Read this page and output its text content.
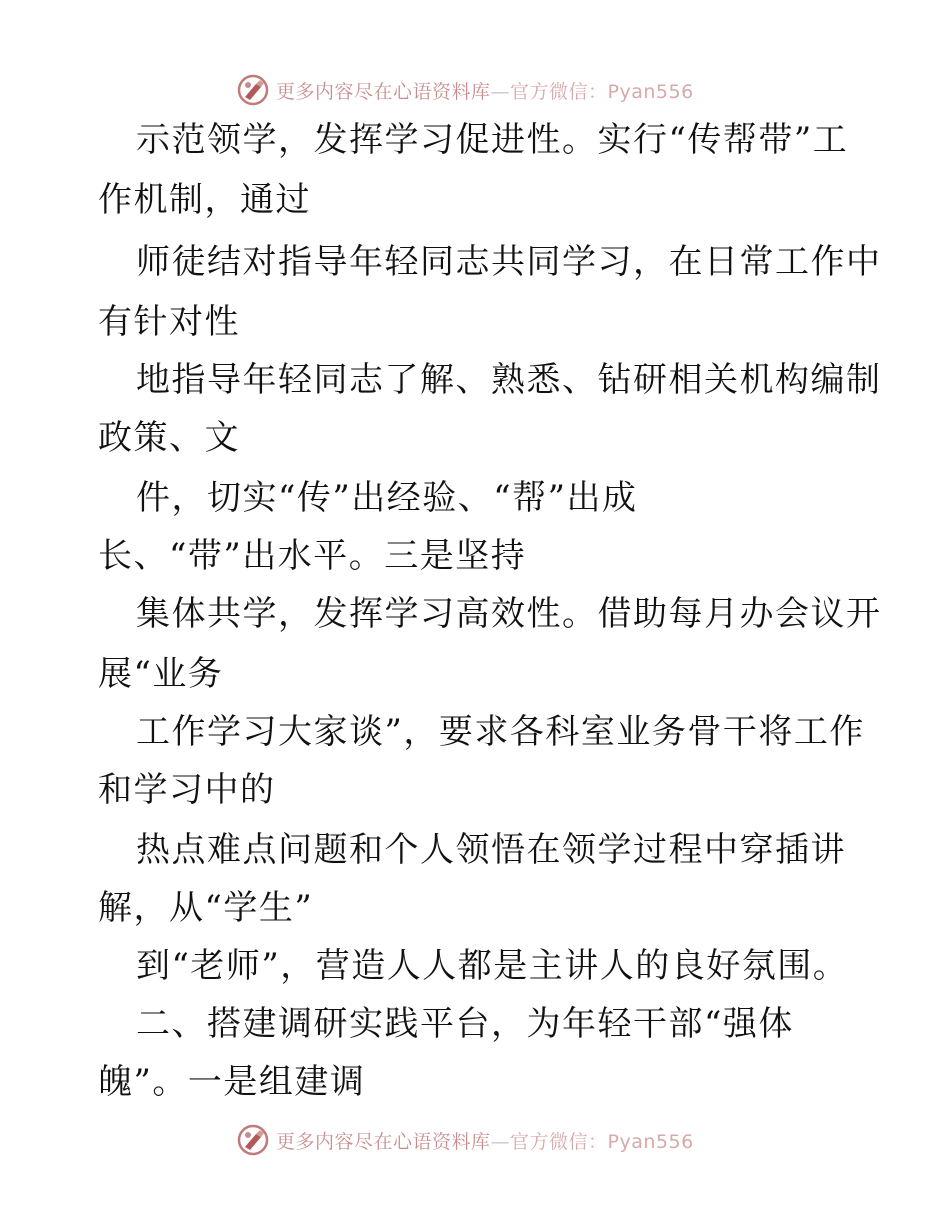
更多内容尽在心语资料库—官方微信：Pyan556
示范领学，发挥学习促进性。实行“传帮带”工
作机制，通过
师徒结对指导年轻同志共同学习，在日常工作中
有针对性
地指导年轻同志了解、熟悉、钻研相关机构编制
政策、文
件，切实“传”出经验、“帮”出成
长、“带”出水平。三是坚持
集体共学，发挥学习高效性。借助每月办会议开
展“业务
工作学习大家谈”，要求各科室业务骨干将工作
和学习中的
热点难点问题和个人领悟在领学过程中穿插讲
解，从“学生”
到“老师”，营造人人都是主讲人的良好氛围。
二、搭建调研实践平台，为年轻干部“强体
魄”。一是组建调
更多内容尽在心语资料库—官方微信：Pyan556
